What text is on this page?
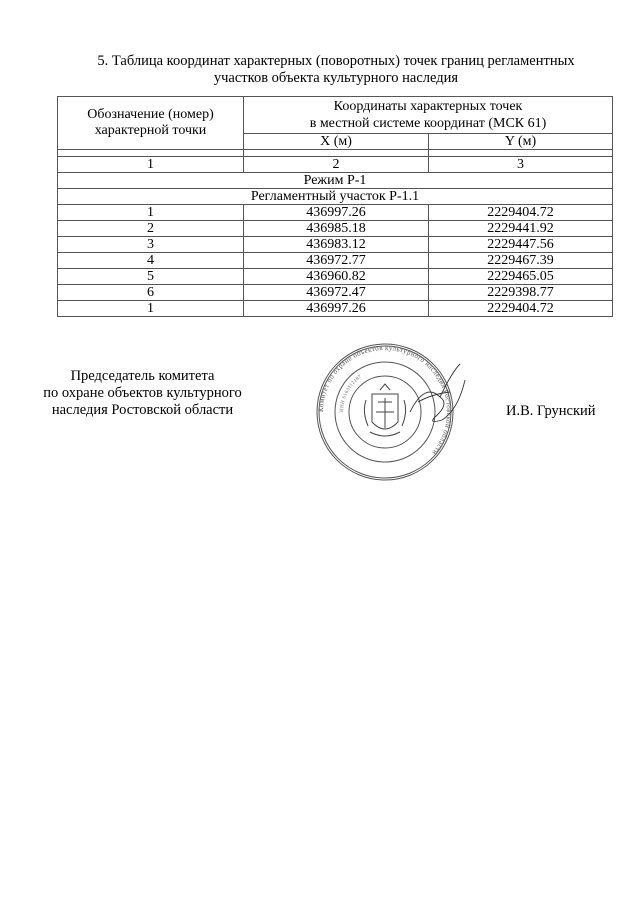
5. Таблица координат характерных (поворотных) точек границ регламентных
участков объекта культурного наследия
Обозначение (номер) характерной точки	Координаты характерных точек
в местной системе координат (МСК 61)	

	X (м)	Y (м)

1	2	3
Режим Р-1		
Регламентный участок Р-1.1		
1	436997.26	2229404.72
2	436985.18	2229441.92
3	436983.12	2229447.56
4	436972.77	2229467.39
5	436960.82	2229465.05
6	436972.47	2229398.77
1	436997.26	2229404.72
Председатель комитета
по охране объектов культурного
наследия Ростовской области	Комитет по охране объектов культурного наследия Ростовской области
ИНН 6163112187
И.В. Грунский
